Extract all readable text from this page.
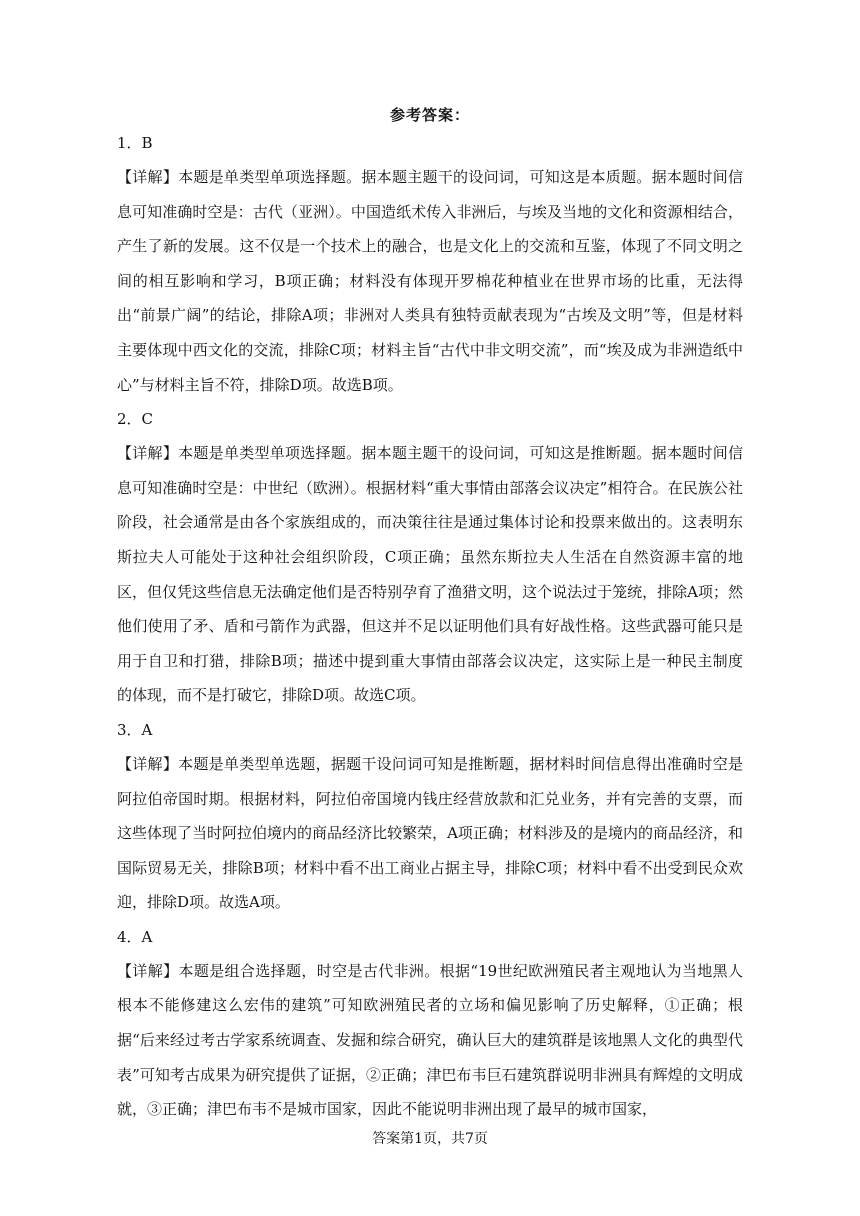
参考答案：

1．B

【详解】本题是单类型单项选择题。据本题主题干的设问词，可知这是本质题。据本题时间信息可知准确时空是：古代（亚洲）。中国造纸术传入非洲后，与埃及当地的文化和资源相结合，产生了新的发展。这不仅是一个技术上的融合，也是文化上的交流和互鉴，体现了不同文明之间的相互影响和学习，B项正确；材料没有体现开罗棉花种植业在世界市场的比重，无法得出“前景广阔”的结论，排除A项；非洲对人类具有独特贡献表现为“古埃及文明”等，但是材料主要体现中西文化的交流，排除C项；材料主旨“古代中非文明交流”，而“埃及成为非洲造纸中心”与材料主旨不符，排除D项。故选B项。

2．C

【详解】本题是单类型单项选择题。据本题主题干的设问词，可知这是推断题。据本题时间信息可知准确时空是：中世纪（欧洲）。根据材料“重大事情由部落会议决定”相符合。在民族公社阶段，社会通常是由各个家族组成的，而决策往往是通过集体讨论和投票来做出的。这表明东斯拉夫人可能处于这种社会组织阶段，C项正确；虽然东斯拉夫人生活在自然资源丰富的地区，但仅凭这些信息无法确定他们是否特别孕育了渔猎文明，这个说法过于笼统，排除A项；然他们使用了矛、盾和弓箭作为武器，但这并不足以证明他们具有好战性格。这些武器可能只是用于自卫和打猎，排除B项；描述中提到重大事情由部落会议决定，这实际上是一种民主制度的体现，而不是打破它，排除D项。故选C项。

3．A

【详解】本题是单类型单选题，据题干设问词可知是推断题，据材料时间信息得出准确时空是阿拉伯帝国时期。根据材料，阿拉伯帝国境内钱庄经营放款和汇兑业务，并有完善的支票，而这些体现了当时阿拉伯境内的商品经济比较繁荣，A项正确；材料涉及的是境内的商品经济，和国际贸易无关，排除B项；材料中看不出工商业占据主导，排除C项；材料中看不出受到民众欢迎，排除D项。故选A项。

4．A

【详解】本题是组合选择题，时空是古代非洲。根据“19世纪欧洲殖民者主观地认为当地黑人根本不能修建这么宏伟的建筑”可知欧洲殖民者的立场和偏见影响了历史解释，①正确；根据“后来经过考古学家系统调查、发掘和综合研究，确认巨大的建筑群是该地黑人文化的典型代表”可知考古成果为研究提供了证据，②正确；津巴布韦巨石建筑群说明非洲具有辉煌的文明成就，③正确；津巴布韦不是城市国家，因此不能说明非洲出现了最早的城市国家，

答案第1页，共7页
